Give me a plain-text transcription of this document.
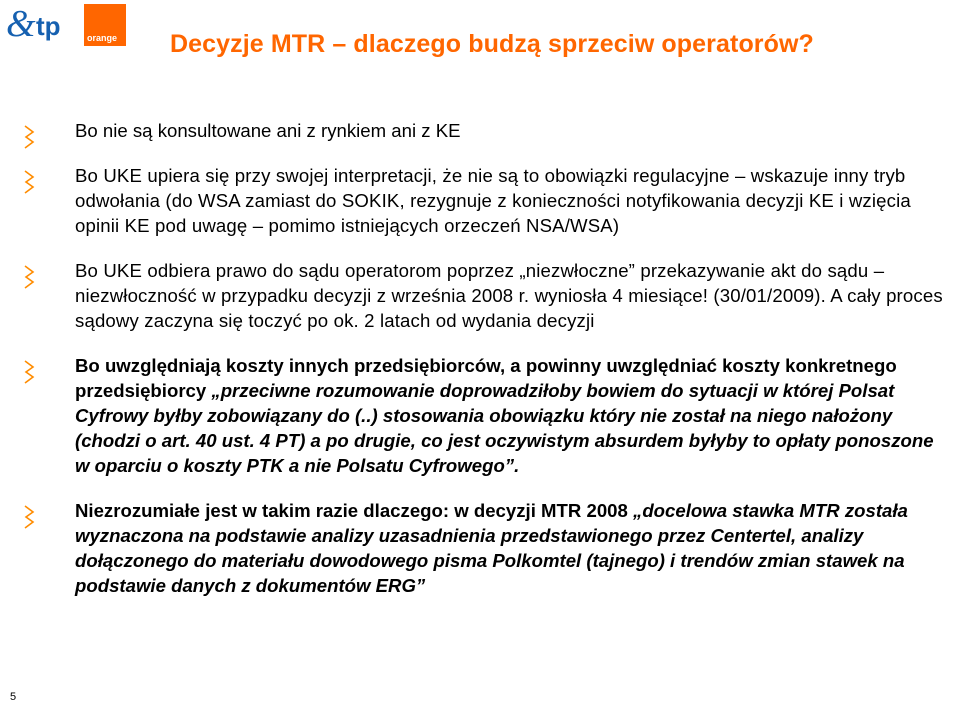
& tp	orange Decyzje MTR – dlaczego budzą sprzeciw operatorów?
Bo nie są konsultowane ani z rynkiem ani z KE
Bo UKE upiera się przy swojej interpretacji, że nie są to obowiązki regulacyjne – wskazuje inny tryb odwołania (do WSA zamiast do SOKIK, rezygnuje z konieczności notyfikowania decyzji KE i wzięcia opinii KE pod uwagę – pomimo istniejących orzeczeń NSA/WSA)
Bo UKE odbiera prawo do sądu operatorom poprzez „niezwłoczne” przekazywanie akt do sądu – niezwłoczność w przypadku decyzji z września 2008 r. wyniosła 4 miesiące! (30/01/2009). A cały proces sądowy zaczyna się toczyć po ok. 2 latach od wydania decyzji
Bo uwzględniają koszty innych przedsiębiorców, a powinny uwzględniać koszty konkretnego przedsiębiorcy „przeciwne rozumowanie doprowadziłoby bowiem do sytuacji w której Polsat Cyfrowy byłby zobowiązany do (..) stosowania obowiązku który nie został na niego nałożony (chodzi o art. 40 ust. 4 PT) a po drugie, co jest oczywistym absurdem byłyby to opłaty ponoszone w oparciu o koszty PTK a nie Polsatu Cyfrowego”.
Niezrozumiałe jest w takim razie dlaczego: w decyzji MTR 2008 „docelowa stawka MTR została wyznaczona na podstawie analizy uzasadnienia przedstawionego przez Centertel, analizy dołączonego do materiału dowodowego pisma Polkomtel (tajnego) i trendów zmian stawek na podstawie danych z dokumentów ERG”
5
